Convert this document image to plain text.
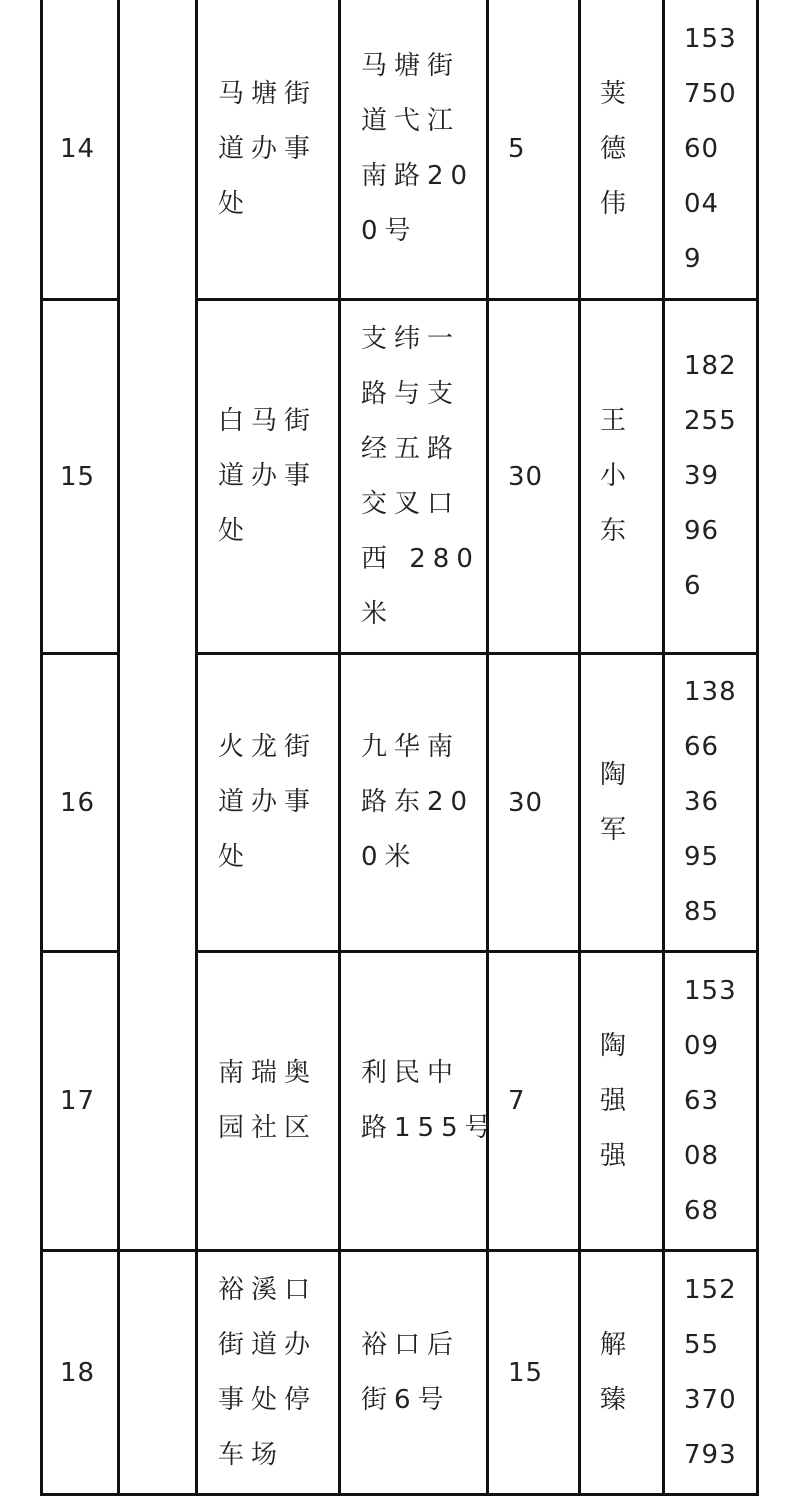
14
马塘街
道办事
处
马塘街
道弋江
南路20
0号
5
荚
德
伟
153
750
60
04
9
15
白马街
道办事
处
支纬一
路与支
经五路
交叉口
西 280
米
30
王
小
东
182
255
39
96
6
16
火龙街
道办事
处
九华南
路东20
0米
30
陶
军
138
66
36
95
85
17
南瑞奥
园社区
利民中
路155号
7
陶
强
强
153
09
63
08
68
18
裕溪口
街道办
事处停
车场
裕口后
街6号
15
解
臻
152
55
370
793
